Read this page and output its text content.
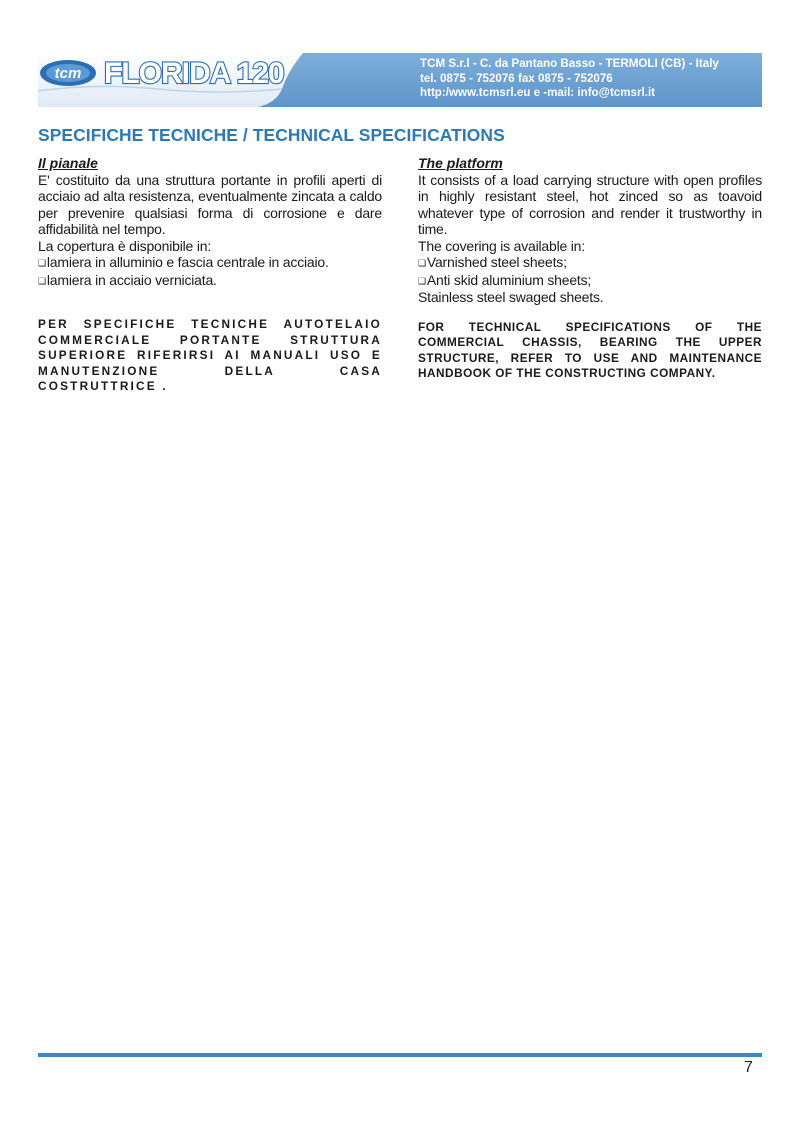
tcm FLORIDA 120	TCM S.r.l - C. da Pantano Basso - TERMOLI (CB) - Italy
tel. 0875 - 752076 fax 0875 - 752076
http:/www.tcmsrl.eu e -mail: info@tcmsrl.it
SPECIFICHE TECNICHE / TECHNICAL SPECIFICATIONS
Il pianale
E' costituito da una struttura portante in profili aperti di acciaio ad alta resistenza, eventualmente zincata a caldo per prevenire qualsiasi forma di corrosione e dare affidabilità nel tempo.
La copertura è disponibile in:
❑lamiera in alluminio e fascia centrale in acciaio.
❑lamiera in acciaio verniciata.
PER SPECIFICHE TECNICHE AUTOTELAIO COMMERCIALE PORTANTE STRUTTURA SUPERIORE RIFERIRSI AI MANUALI USO E MANUTENZIONE DELLA CASA COSTRUTTRICE .
The platform
It consists of a load carrying structure with open profiles in highly resistant steel, hot zinced so as toavoid whatever type of corrosion and render it trustworthy in time.
The covering is available in:
❑Varnished steel sheets;
❑Anti skid aluminium sheets;
Stainless steel swaged sheets.
FOR TECHNICAL SPECIFICATIONS OF THE COMMERCIAL CHASSIS, BEARING THE UPPER STRUCTURE, REFER TO USE AND MAINTENANCE HANDBOOK OF THE CONSTRUCTING COMPANY.
7
